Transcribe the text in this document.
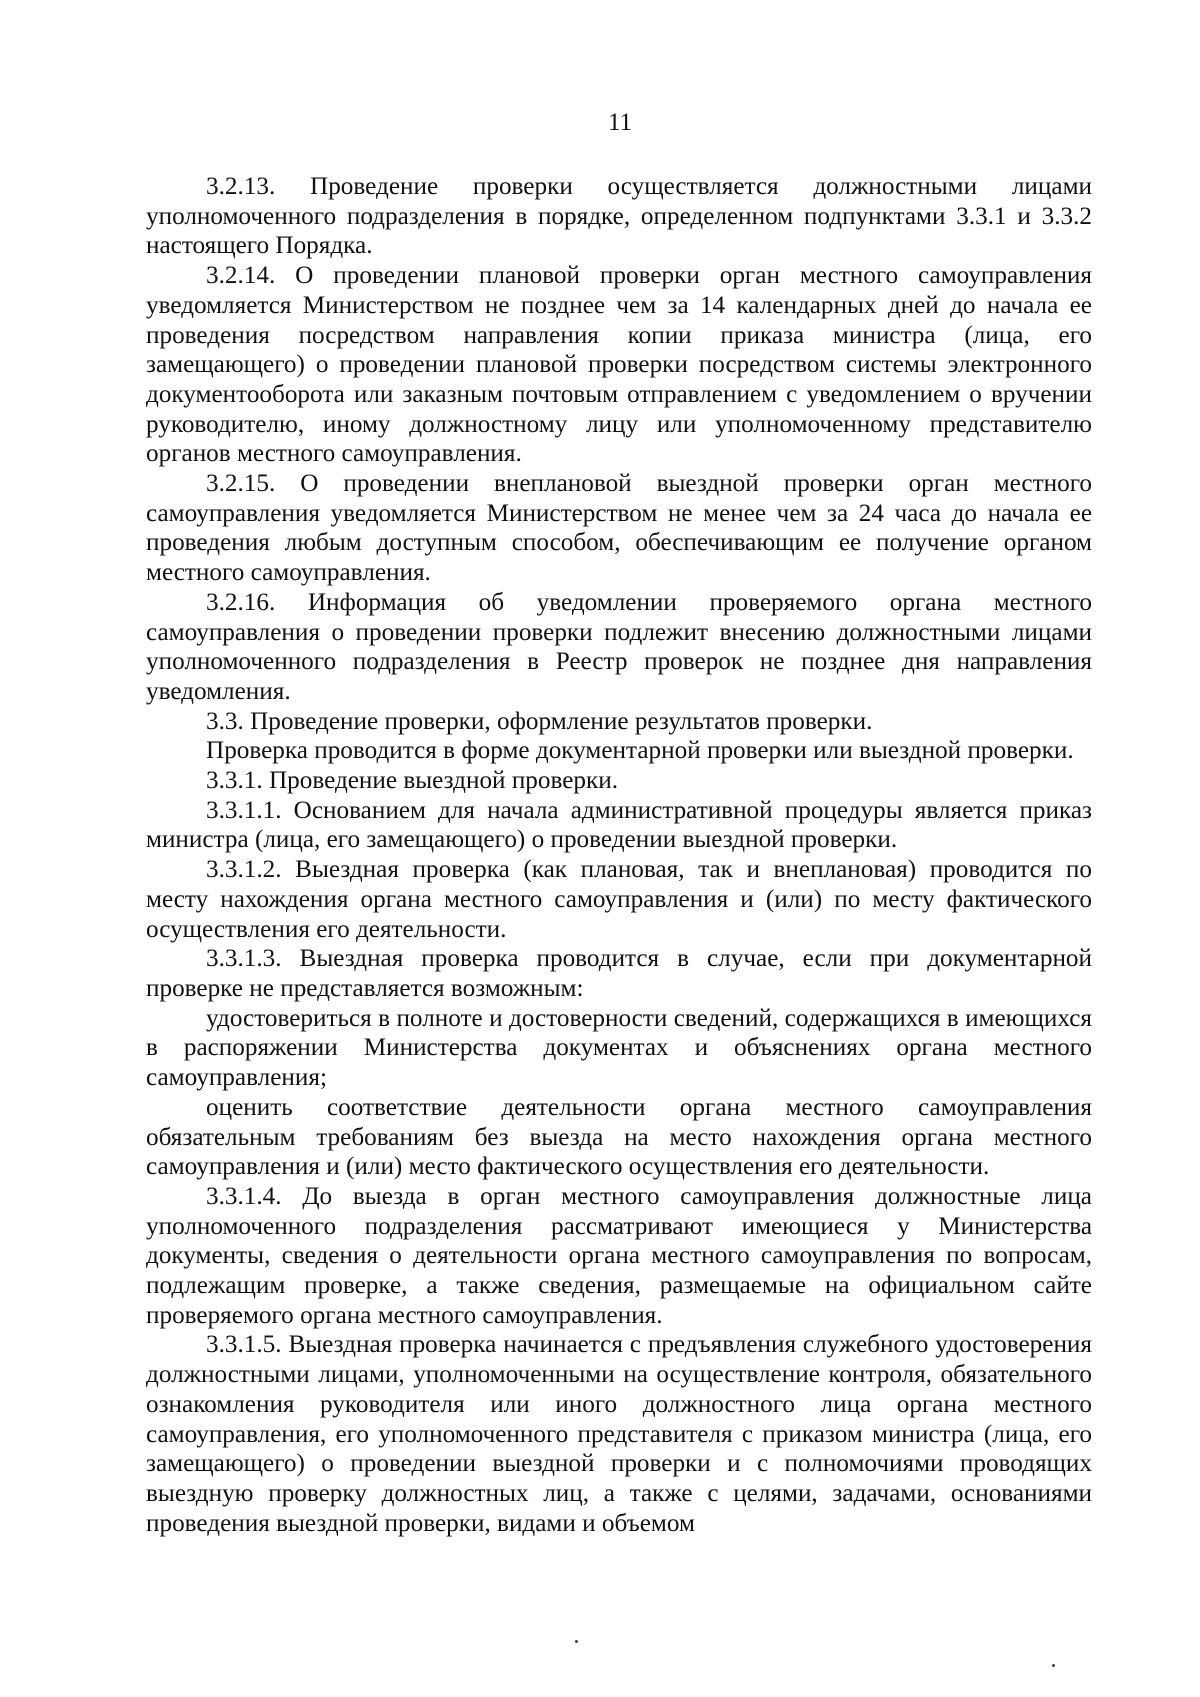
11

3.2.13. Проведение проверки осуществляется должностными лицами уполномоченного подразделения в порядке, определенном подпунктами 3.3.1 и 3.3.2 настоящего Порядка.

3.2.14. О проведении плановой проверки орган местного самоуправления уведомляется Министерством не позднее чем за 14 календарных дней до начала ее проведения посредством направления копии приказа министра (лица, его замещающего) о проведении плановой проверки посредством системы электронного документооборота или заказным почтовым отправлением с уведомлением о вручении руководителю, иному должностному лицу или уполномоченному представителю органов местного самоуправления.

3.2.15. О проведении внеплановой выездной проверки орган местного самоуправления уведомляется Министерством не менее чем за 24 часа до начала ее проведения любым доступным способом, обеспечивающим ее получение органом местного самоуправления.

3.2.16. Информация об уведомлении проверяемого органа местного самоуправления о проведении проверки подлежит внесению должностными лицами уполномоченного подразделения в Реестр проверок не позднее дня направления уведомления.

3.3. Проведение проверки, оформление результатов проверки.

Проверка проводится в форме документарной проверки или выездной проверки.

3.3.1. Проведение выездной проверки.

3.3.1.1. Основанием для начала административной процедуры является приказ министра (лица, его замещающего) о проведении выездной проверки.

3.3.1.2. Выездная проверка (как плановая, так и внеплановая) проводится по месту нахождения органа местного самоуправления и (или) по месту фактического осуществления его деятельности.

3.3.1.3. Выездная проверка проводится в случае, если при документарной проверке не представляется возможным:

удостовериться в полноте и достоверности сведений, содержащихся в имеющихся в распоряжении Министерства документах и объяснениях органа местного самоуправления;

оценить соответствие деятельности органа местного самоуправления обязательным требованиям без выезда на место нахождения органа местного самоуправления и (или) место фактического осуществления его деятельности.

3.3.1.4. До выезда в орган местного самоуправления должностные лица уполномоченного подразделения рассматривают имеющиеся у Министерства документы, сведения о деятельности органа местного самоуправления по вопросам, подлежащим проверке, а также сведения, размещаемые на официальном сайте проверяемого органа местного самоуправления.

3.3.1.5. Выездная проверка начинается с предъявления служебного удостоверения должностными лицами, уполномоченными на осуществление контроля, обязательного ознакомления руководителя или иного должностного лица органа местного самоуправления, его уполномоченного представителя с приказом министра (лица, его замещающего) о проведении выездной проверки и с полномочиями проводящих выездную проверку должностных лиц, а также с целями, задачами, основаниями проведения выездной проверки, видами и объемом
